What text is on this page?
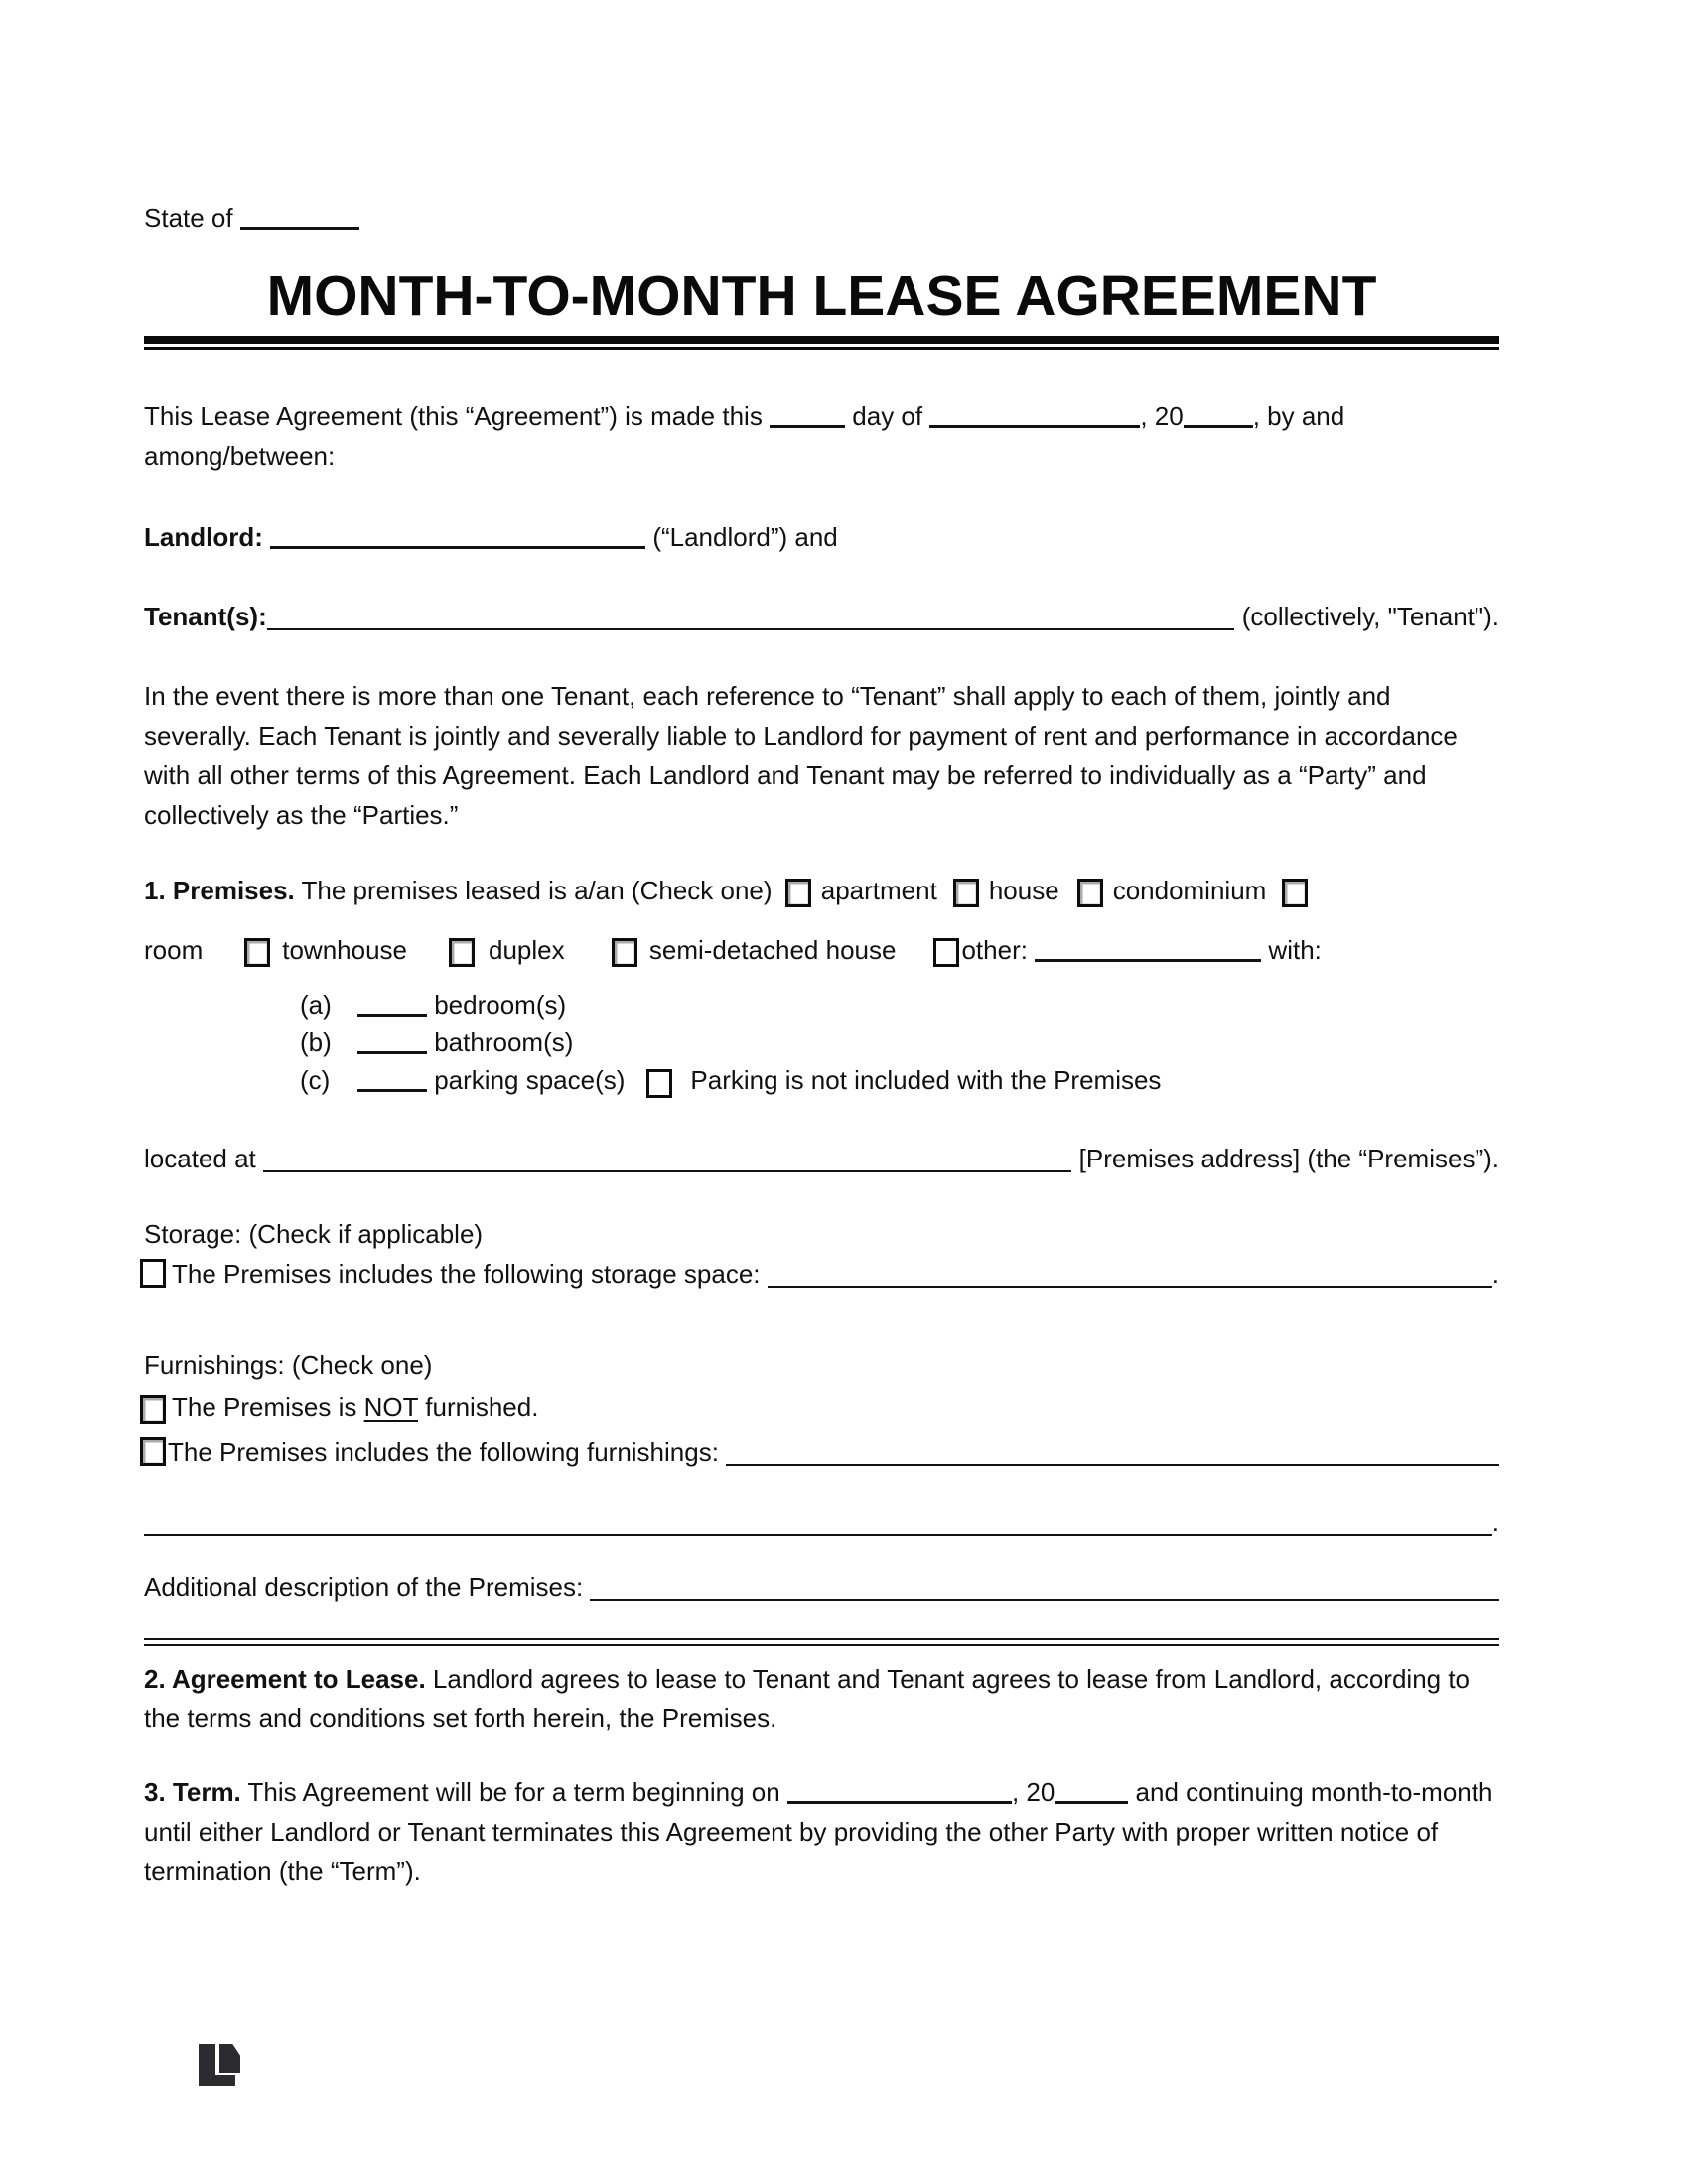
State of
MONTH-TO-MONTH LEASE AGREEMENT

This Lease Agreement (this “Agreement”) is made this	day of	, 20	, by and among/between:

Landlord:	(“Landlord”) and

Tenant(s):	(collectively, "Tenant").

In the event there is more than one Tenant, each reference to “Tenant” shall apply to each of them, jointly and severally. Each Tenant is jointly and severally liable to Landlord for payment of rent and performance in accordance with all other terms of this Agreement. Each Landlord and Tenant may be referred to individually as a “Party” and collectively as the “Parties.”

1. Premises. The premises leased is a/an (Check one) apartment house condominium
room	townhouse	duplex	semi-detached house	other:	with:
(a)	bedroom(s)
(b)	bathroom(s)
(c)	parking space(s)	Parking is not included with the Premises
located at	[Premises address] (the “Premises”).

Storage: (Check if applicable)

The Premises includes the following storage space:	.

Furnishings: (Check one)

The Premises is NOT furnished.
The Premises includes the following furnishings:
.
Additional description of the Premises:

2. Agreement to Lease. Landlord agrees to lease to Tenant and Tenant agrees to lease from Landlord, according to the terms and conditions set forth herein, the Premises.

3. Term. This Agreement will be for a term beginning on	, 20	and continuing month-to-month until either Landlord or Tenant terminates this Agreement by providing the other Party with proper written notice of termination (the “Term”).
